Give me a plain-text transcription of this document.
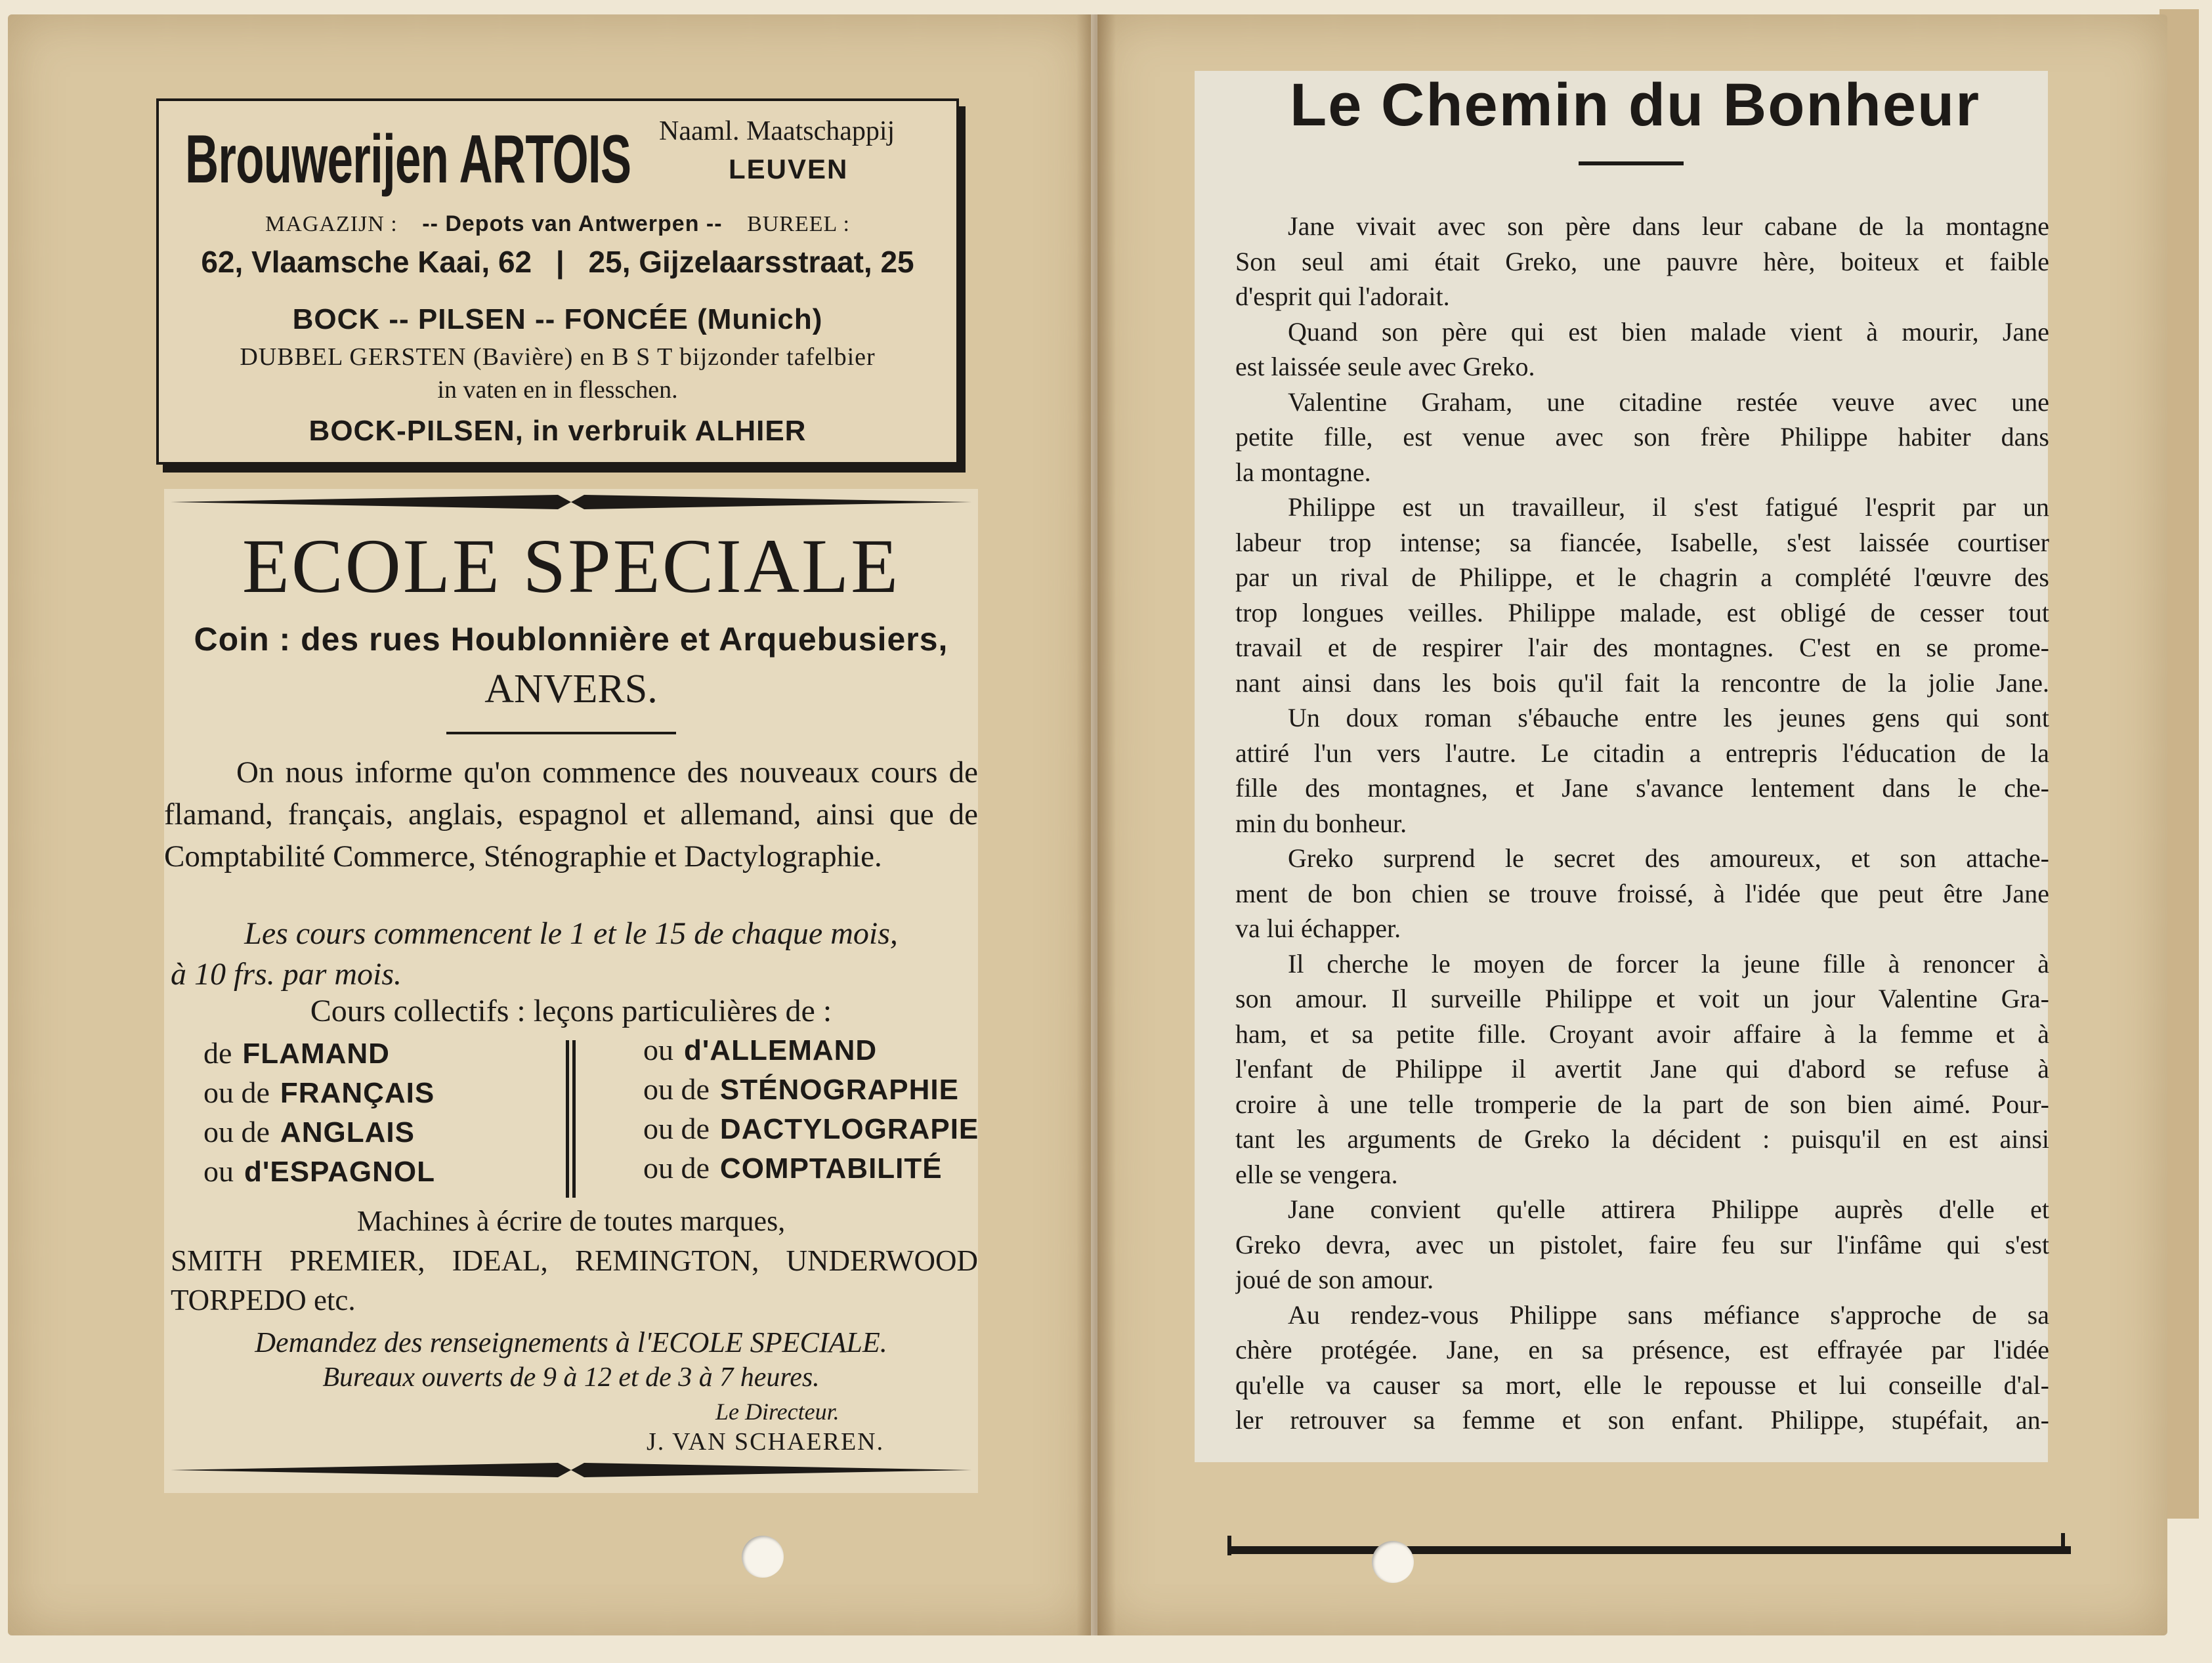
Brouwerijen ARTOIS Naaml. Maatschappij
LEUVEN
MAGAZIJN : -- Depots van Antwerpen -- BUREEL :
62, Vlaamsche Kaai, 62 | 25, Gijzelaarsstraat, 25
BOCK -- PILSEN -- FONCÉE (Munich)
DUBBEL GERSTEN (Bavière) en B S T bijzonder tafelbier
in vaten en in flesschen.
BOCK-PILSEN, in verbruik ALHIER
ECOLE SPECIALE
Coin : des rues Houblonnière et Arquebusiers,
ANVERS.
On nous informe qu'on commence des nouveaux cours de flamand, français, anglais, espagnol et allemand, ainsi que de Comptabilité Commerce, Sténographie et Dactylographie.
Les cours commencent le 1 et le 15 de chaque mois,
à 10 frs. par mois.
Cours collectifs : leçons particulières de :
de FLAMAND
ou de FRANÇAIS
ou de ANGLAIS
ou d'ESPAGNOL
ou d'ALLEMAND
ou de STÉNOGRAPHIE
ou de DACTYLOGRAPIE
ou de COMPTABILITÉ
Machines à écrire de toutes marques,
SMITH PREMIER, IDEAL, REMINGTON, UNDERWOOD
TORPEDO etc.
Demandez des renseignements à l'ECOLE SPECIALE.
Bureaux ouverts de 9 à 12 et de 3 à 7 heures.
Le Directeur.
J. VAN SCHAEREN.
Le Chemin du Bonheur
Jane vivait avec son père dans leur cabane de la montagne
Son seul ami était Greko, une pauvre hère, boiteux et faible
d'esprit qui l'adorait.
Quand son père qui est bien malade vient à mourir, Jane
est laissée seule avec Greko.
Valentine Graham, une citadine restée veuve avec une
petite fille, est venue avec son frère Philippe habiter dans
la montagne.
Philippe est un travailleur, il s'est fatigué l'esprit par un
labeur trop intense; sa fiancée, Isabelle, s'est laissée courtiser
par un rival de Philippe, et le chagrin a complété l'œuvre des
trop longues veilles. Philippe malade, est obligé de cesser tout
travail et de respirer l'air des montagnes. C'est en se prome-
nant ainsi dans les bois qu'il fait la rencontre de la jolie Jane.
Un doux roman s'ébauche entre les jeunes gens qui sont
attiré l'un vers l'autre. Le citadin a entrepris l'éducation de la
fille des montagnes, et Jane s'avance lentement dans le che-
min du bonheur.
Greko surprend le secret des amoureux, et son attache-
ment de bon chien se trouve froissé, à l'idée que peut être Jane
va lui échapper.
Il cherche le moyen de forcer la jeune fille à renoncer à
son amour. Il surveille Philippe et voit un jour Valentine Gra-
ham, et sa petite fille. Croyant avoir affaire à la femme et à
l'enfant de Philippe il avertit Jane qui d'abord se refuse à
croire à une telle tromperie de la part de son bien aimé. Pour-
tant les arguments de Greko la décident : puisqu'il en est ainsi
elle se vengera.
Jane convient qu'elle attirera Philippe auprès d'elle et
Greko devra, avec un pistolet, faire feu sur l'infâme qui s'est
joué de son amour.
Au rendez-vous Philippe sans méfiance s'approche de sa
chère protégée. Jane, en sa présence, est effrayée par l'idée
qu'elle va causer sa mort, elle le repousse et lui conseille d'al-
ler retrouver sa femme et son enfant. Philippe, stupéfait, an-
